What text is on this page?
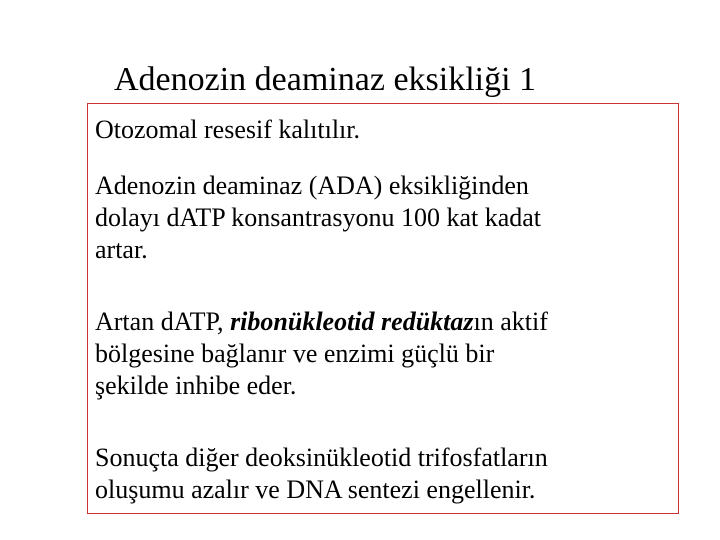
Adenozin deaminaz eksikliği 1

Otozomal resesif kalıtılır.

Adenozin deaminaz (ADA) eksikliğinden
dolayı dATP konsantrasyonu 100 kat kadat
artar.

Artan dATP, ribonükleotid redüktazın aktif
bölgesine bağlanır ve enzimi güçlü bir
şekilde inhibe eder.

Sonuçta diğer deoksinükleotid trifosfatların
oluşumu azalır ve DNA sentezi engellenir.
